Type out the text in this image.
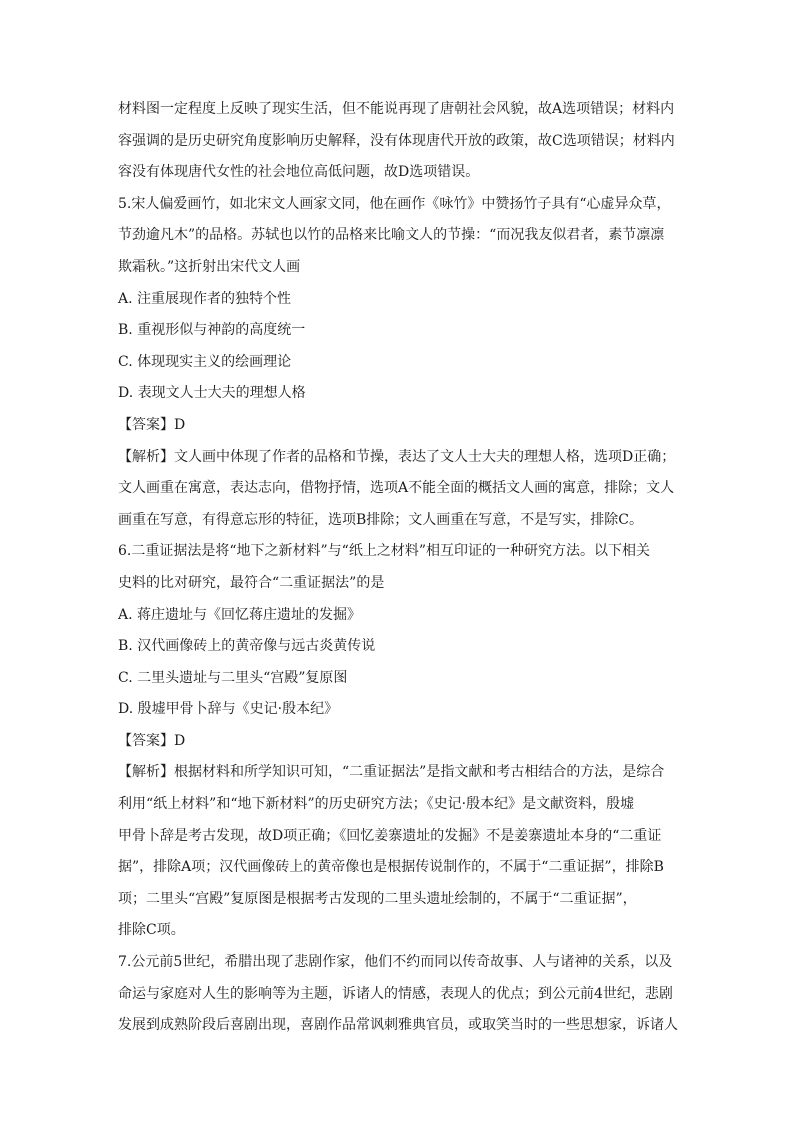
材料图一定程度上反映了现实生活，但不能说再现了唐朝社会风貌，故A选项错误；材料内
容强调的是历史研究角度影响历史解释，没有体现唐代开放的政策，故C选项错误；材料内
容没有体现唐代女性的社会地位高低问题，故D选项错误。
5.宋人偏爱画竹，如北宋文人画家文同，他在画作《咏竹》中赞扬竹子具有“心虚异众草，
节劲逾凡木”的品格。苏轼也以竹的品格来比喻文人的节操：“而况我友似君者，素节凛凛
欺霜秋。”这折射出宋代文人画
A. 注重展现作者的独特个性
B. 重视形似与神韵的高度统一
C. 体现现实主义的绘画理论
D. 表现文人士大夫的理想人格
【答案】D
【解析】文人画中体现了作者的品格和节操，表达了文人士大夫的理想人格，选项D正确；
文人画重在寓意，表达志向，借物抒情，选项A不能全面的概括文人画的寓意，排除；文人
画重在写意，有得意忘形的特征，选项B排除；文人画重在写意，不是写实，排除C。
6.二重证据法是将“地下之新材料”与“纸上之材料”相互印证的一种研究方法。以下相关
史料的比对研究，最符合“二重证据法”的是
A. 蒋庄遗址与《回忆蒋庄遗址的发掘》
B. 汉代画像砖上的黄帝像与远古炎黄传说
C. 二里头遗址与二里头“宫殿”复原图
D. 殷墟甲骨卜辞与《史记·殷本纪》
【答案】D
【解析】根据材料和所学知识可知，“二重证据法”是指文献和考古相结合的方法，是综合
利用“纸上材料”和“地下新材料”的历史研究方法；《史记·殷本纪》是文献资料，殷墟
甲骨卜辞是考古发现，故D项正确；《回忆姜寨遗址的发掘》不是姜寨遗址本身的“二重证
据”，排除A项；汉代画像砖上的黄帝像也是根据传说制作的，不属于“二重证据”，排除B
项；二里头“宫殿”复原图是根据考古发现的二里头遗址绘制的，不属于“二重证据”，
排除C项。
7.公元前5世纪，希腊出现了悲剧作家，他们不约而同以传奇故事、人与诸神的关系，以及
命运与家庭对人生的影响等为主题，诉诸人的情感，表现人的优点；到公元前4世纪，悲剧
发展到成熟阶段后喜剧出现，喜剧作品常讽刺雅典官员，或取笑当时的一些思想家，诉诸人
